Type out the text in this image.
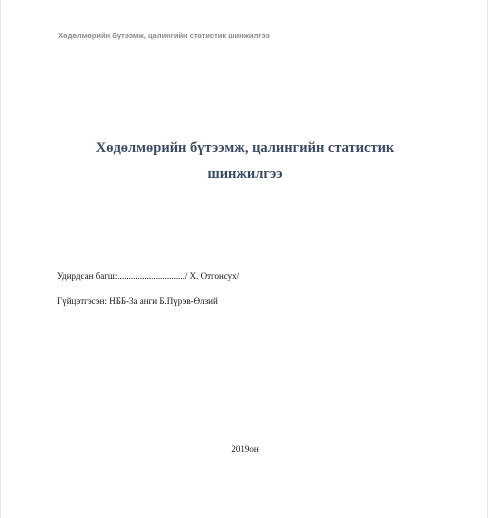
Хөдөлмөрийн бүтээмж, цалингийн статистик шинжилгээ
Хөдөлмөрийн бүтээмж, цалингийн статистик
шинжилгээ
Удирдсан багш:............................../ Х. Отгонсух/
Гүйцэтгэсэн: НББ-3а анги Б.Пүрэв-Өлзий
2019он
